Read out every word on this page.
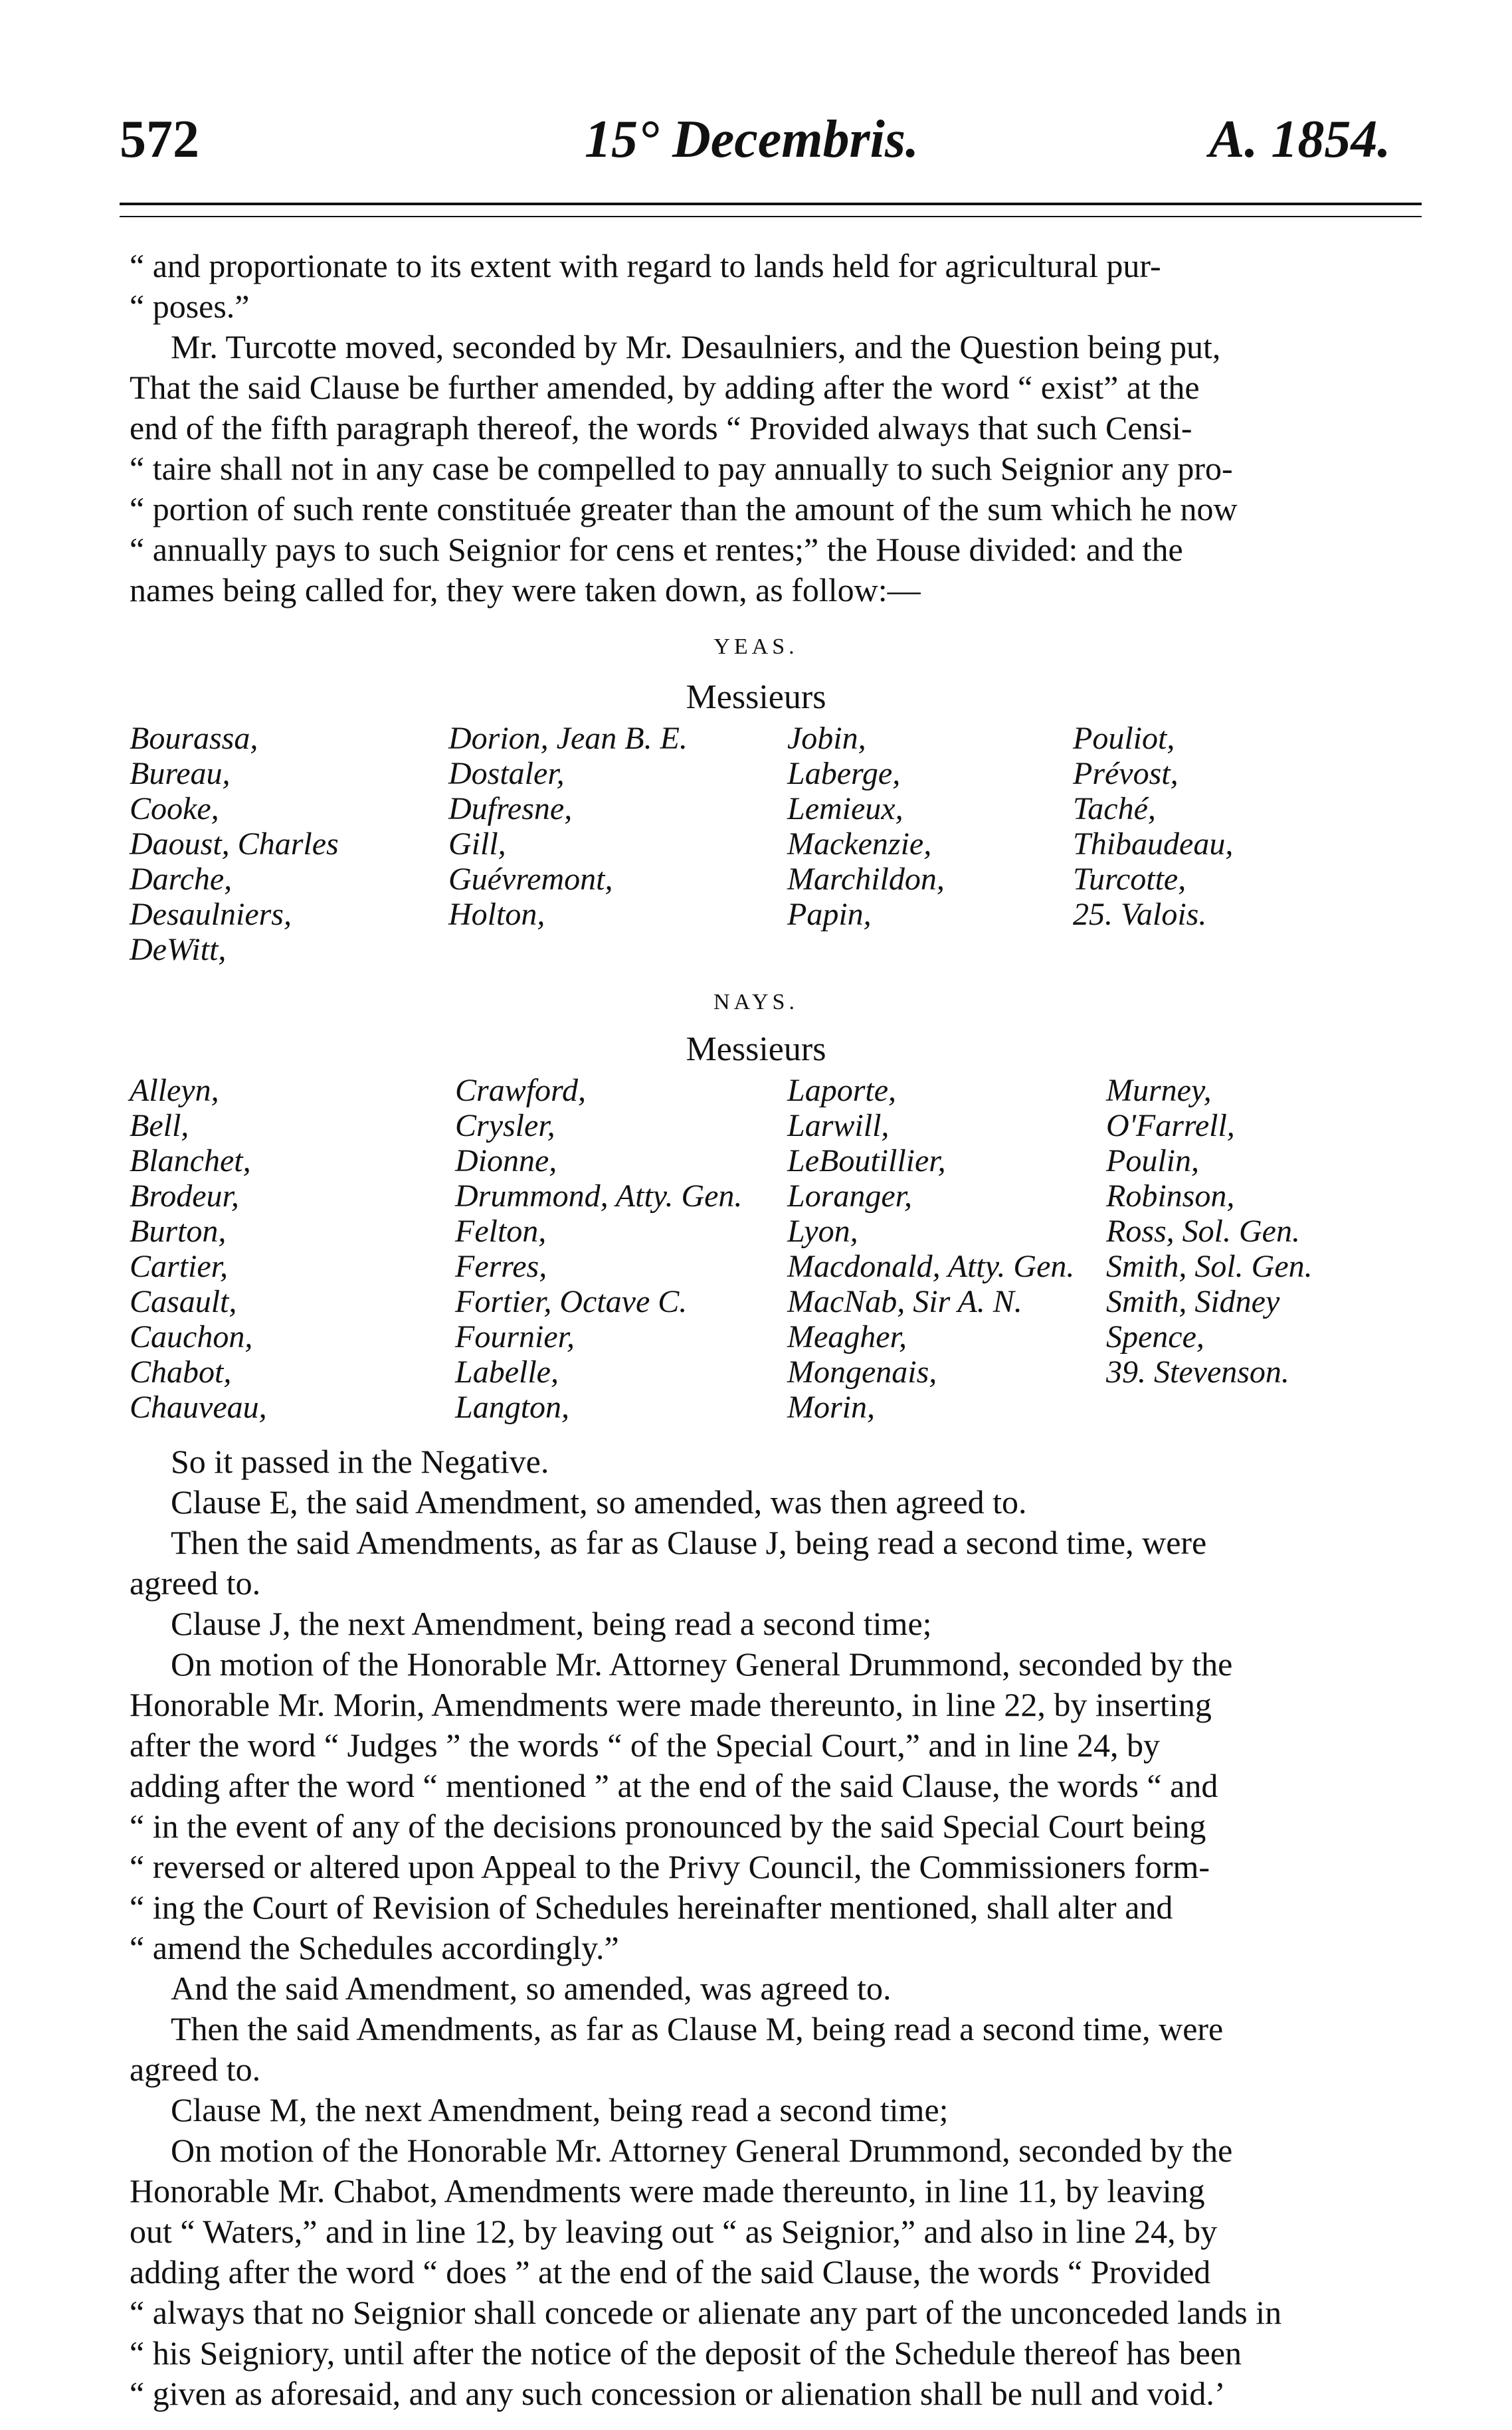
572	15° Decembris.	A. 1854.
“ and proportionate to its extent with regard to lands held for agricultural pur-
“ poses.”
Mr. Turcotte moved, seconded by Mr. Desaulniers, and the Question being put,
That the said Clause be further amended, by adding after the word “ exist” at the
end of the fifth paragraph thereof, the words “ Provided always that such Censi-
“ taire shall not in any case be compelled to pay annually to such Seignior any pro-
“ portion of such rente constituée greater than the amount of the sum which he now
“ annually pays to such Seignior for cens et rentes;” the House divided: and the
names being called for, they were taken down, as follow:—
YEAS.
Messieurs
Bourassa,
Bureau,
Cooke,
Daoust, Charles
Darche,
Desaulniers,
DeWitt,
Dorion, Jean B. E.
Dostaler,
Dufresne,
Gill,
Guévremont,
Holton,
Jobin,
Laberge,
Lemieux,
Mackenzie,
Marchildon,
Papin,
Pouliot,
Prévost,
Taché,
Thibaudeau,
Turcotte,
25. Valois.
NAYS.
Messieurs
Alleyn,
Bell,
Blanchet,
Brodeur,
Burton,
Cartier,
Casault,
Cauchon,
Chabot,
Chauveau,
Crawford,
Crysler,
Dionne,
Drummond, Atty. Gen.
Felton,
Ferres,
Fortier, Octave C.
Fournier,
Labelle,
Langton,
Laporte,
Larwill,
LeBoutillier,
Loranger,
Lyon,
Macdonald, Atty. Gen.
MacNab, Sir A. N.
Meagher,
Mongenais,
Morin,
Murney,
O'Farrell,
Poulin,
Robinson,
Ross, Sol. Gen.
Smith, Sol. Gen.
Smith, Sidney
Spence,
39. Stevenson.
So it passed in the Negative.
Clause E, the said Amendment, so amended, was then agreed to.
Then the said Amendments, as far as Clause J, being read a second time, were
agreed to.
Clause J, the next Amendment, being read a second time;
On motion of the Honorable Mr. Attorney General Drummond, seconded by the
Honorable Mr. Morin, Amendments were made thereunto, in line 22, by inserting
after the word “ Judges ” the words “ of the Special Court,” and in line 24, by
adding after the word “ mentioned ” at the end of the said Clause, the words “ and
“ in the event of any of the decisions pronounced by the said Special Court being
“ reversed or altered upon Appeal to the Privy Council, the Commissioners form-
“ ing the Court of Revision of Schedules hereinafter mentioned, shall alter and
“ amend the Schedules accordingly.”
And the said Amendment, so amended, was agreed to.
Then the said Amendments, as far as Clause M, being read a second time, were
agreed to.
Clause M, the next Amendment, being read a second time;
On motion of the Honorable Mr. Attorney General Drummond, seconded by the
Honorable Mr. Chabot, Amendments were made thereunto, in line 11, by leaving
out “ Waters,” and in line 12, by leaving out “ as Seignior,” and also in line 24, by
adding after the word “ does ” at the end of the said Clause, the words “ Provided
“ always that no Seignior shall concede or alienate any part of the unconceded lands in
“ his Seigniory, until after the notice of the deposit of the Schedule thereof has been
“ given as aforesaid, and any such concession or alienation shall be null and void.’
